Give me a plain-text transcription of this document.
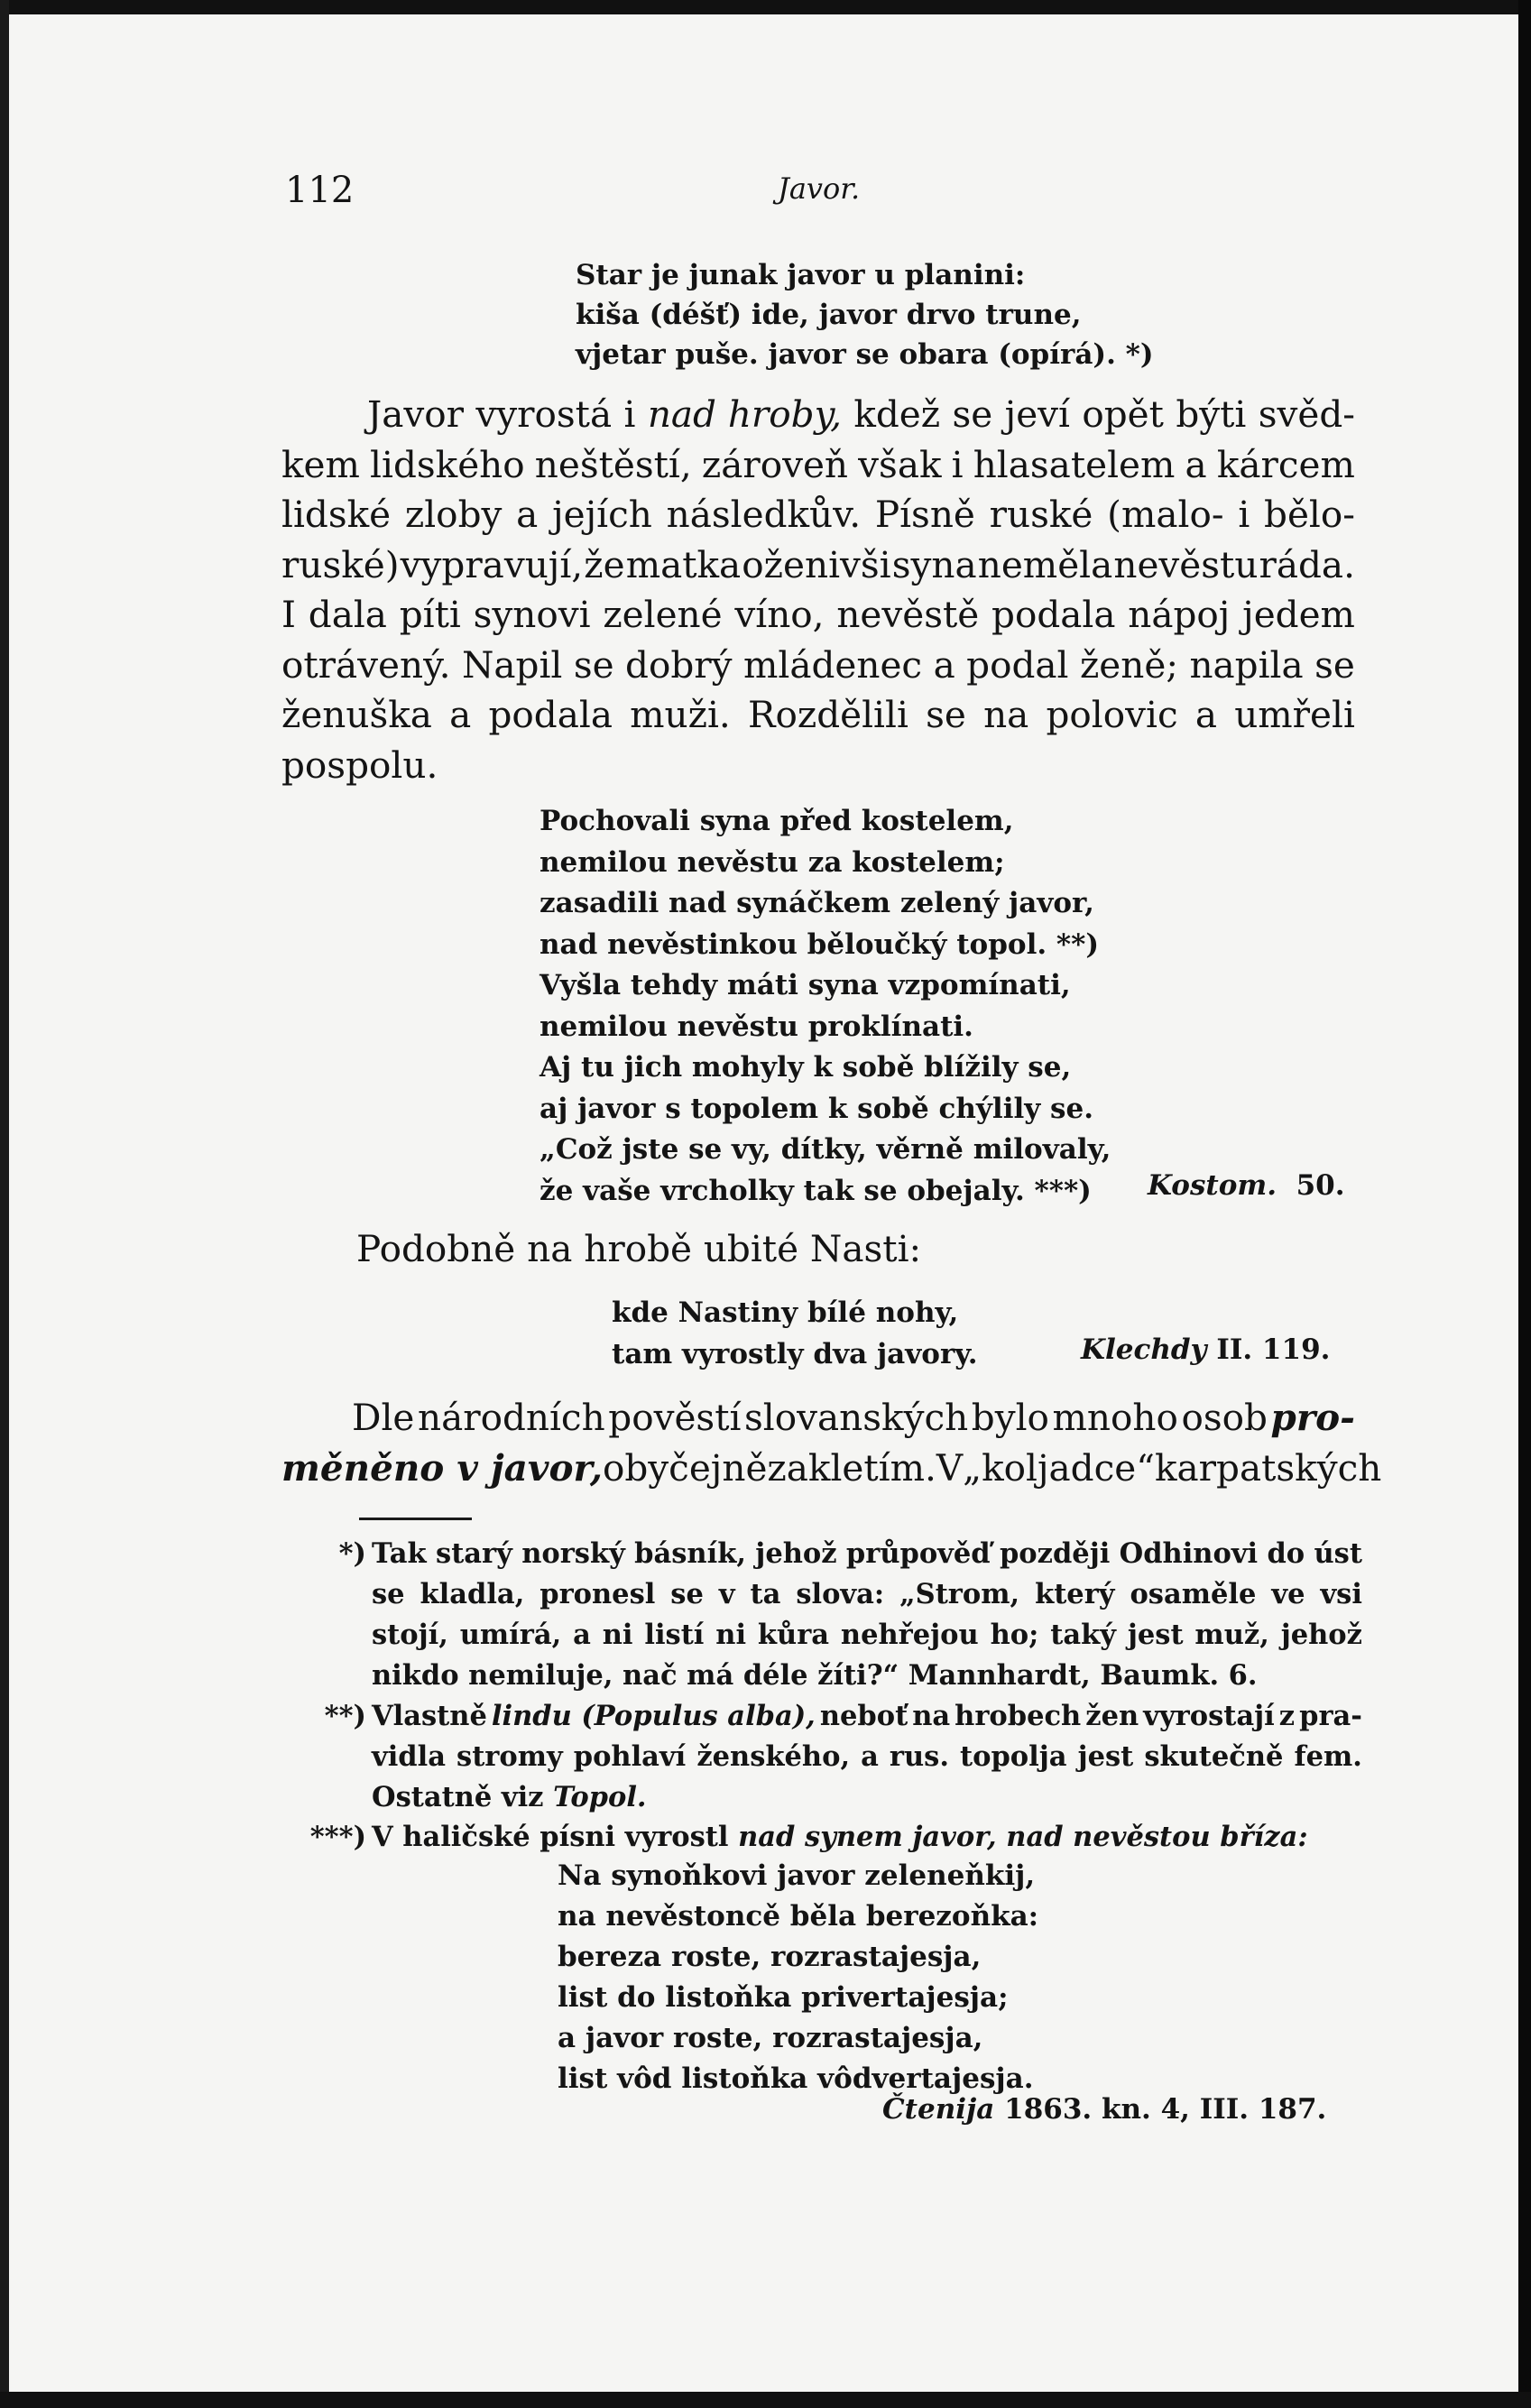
112	Javor.
Star je junak javor u planini:
kiša (déšť) ide, javor drvo trune,
vjetar puše. javor se obara (opírá). *)
Javor vyrostá i nad hroby, kdež se jeví opět býti svěd-
kem lidského neštěstí, zároveň však i hlasatelem a kárcem
lidské zloby a jejích následkův. Písně ruské (malo- i bělo-
ruské) vypravují, že matka oženivši syna neměla nevěstu ráda.
I dala píti synovi zelené víno, nevěstě podala nápoj jedem
otrávený. Napil se dobrý mládenec a podal ženě; napila se
ženuška a podala muži. Rozdělili se na polovic a umřeli
pospolu.
Pochovali syna před kostelem,
nemilou nevěstu za kostelem;
zasadili nad synáčkem zelený javor,
nad nevěstinkou běloučký topol. **)
Vyšla tehdy máti syna vzpomínati,
nemilou nevěstu proklínati.
Aj tu jich mohyly k sobě blížily se,
aj javor s topolem k sobě chýlily se.
„Což jste se vy, dítky, věrně milovaly,
že vaše vrcholky tak se obejaly. ***)	Kostom. 50.
Podobně na hrobě ubité Nasti:
kde Nastiny bílé nohy,
tam vyrostly dva javory.	Klechdy II. 119.
Dle národních pověstí slovanských bylo mnoho osob pro-
měněno v javor, obyčejně zakletím. V „koljadce“ karpatských
*) Tak starý norský básník, jehož průpověď později Odhinovi do úst
se kladla, pronesl se v ta slova: „Strom, který osaměle ve vsi
stojí, umírá, a ni listí ni kůra nehřejou ho; taký jest muž, jehož
nikdo nemiluje, nač má déle žíti?“ Mannhardt, Baumk. 6.
**) Vlastně lindu (Populus alba), neboť na hrobech žen vyrostají z pra-
vidla stromy pohlaví ženského, a rus. topolja jest skutečně fem.
Ostatně viz
Topol.
***) V haličské písni vyrostl
nad synem javor, nad nevěstou bříza:
Na synoňkovi javor zeleneňkij,
na nevěstoncě běla berezoňka:
bereza roste, rozrastajesja,
list do listoňka privertajesja;
a javor roste, rozrastajesja,
list vôd listoňka vôdvertajesja.
Čtenija 1863. kn. 4, III. 187.
